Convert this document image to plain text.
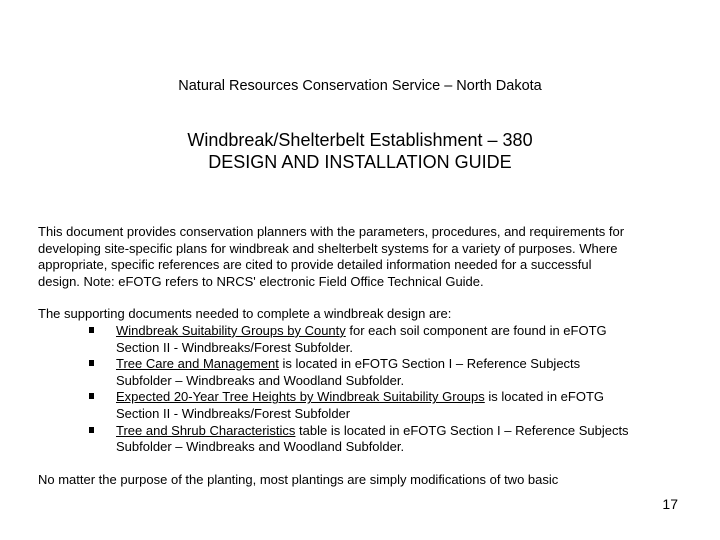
Natural Resources Conservation Service – North Dakota
Windbreak/Shelterbelt Establishment – 380
DESIGN AND INSTALLATION GUIDE
This document provides conservation planners with the parameters, procedures, and requirements for
developing site-specific plans for windbreak and shelterbelt systems for a variety of purposes. Where
appropriate, specific references are cited to provide detailed information needed for a successful
design. Note: eFOTG refers to NRCS' electronic Field Office Technical Guide.
The supporting documents needed to complete a windbreak design are:
Windbreak Suitability Groups by County for each soil component are found in eFOTG
Section II - Windbreaks/Forest Subfolder.
Tree Care and Management is located in eFOTG Section I – Reference Subjects
Subfolder – Windbreaks and Woodland Subfolder.
Expected 20-Year Tree Heights by Windbreak Suitability Groups is located in eFOTG
Section II - Windbreaks/Forest Subfolder
Tree and Shrub Characteristics table is located in eFOTG Section I – Reference Subjects
Subfolder – Windbreaks and Woodland Subfolder.
No matter the purpose of the planting, most plantings are simply modifications of two basic
17
